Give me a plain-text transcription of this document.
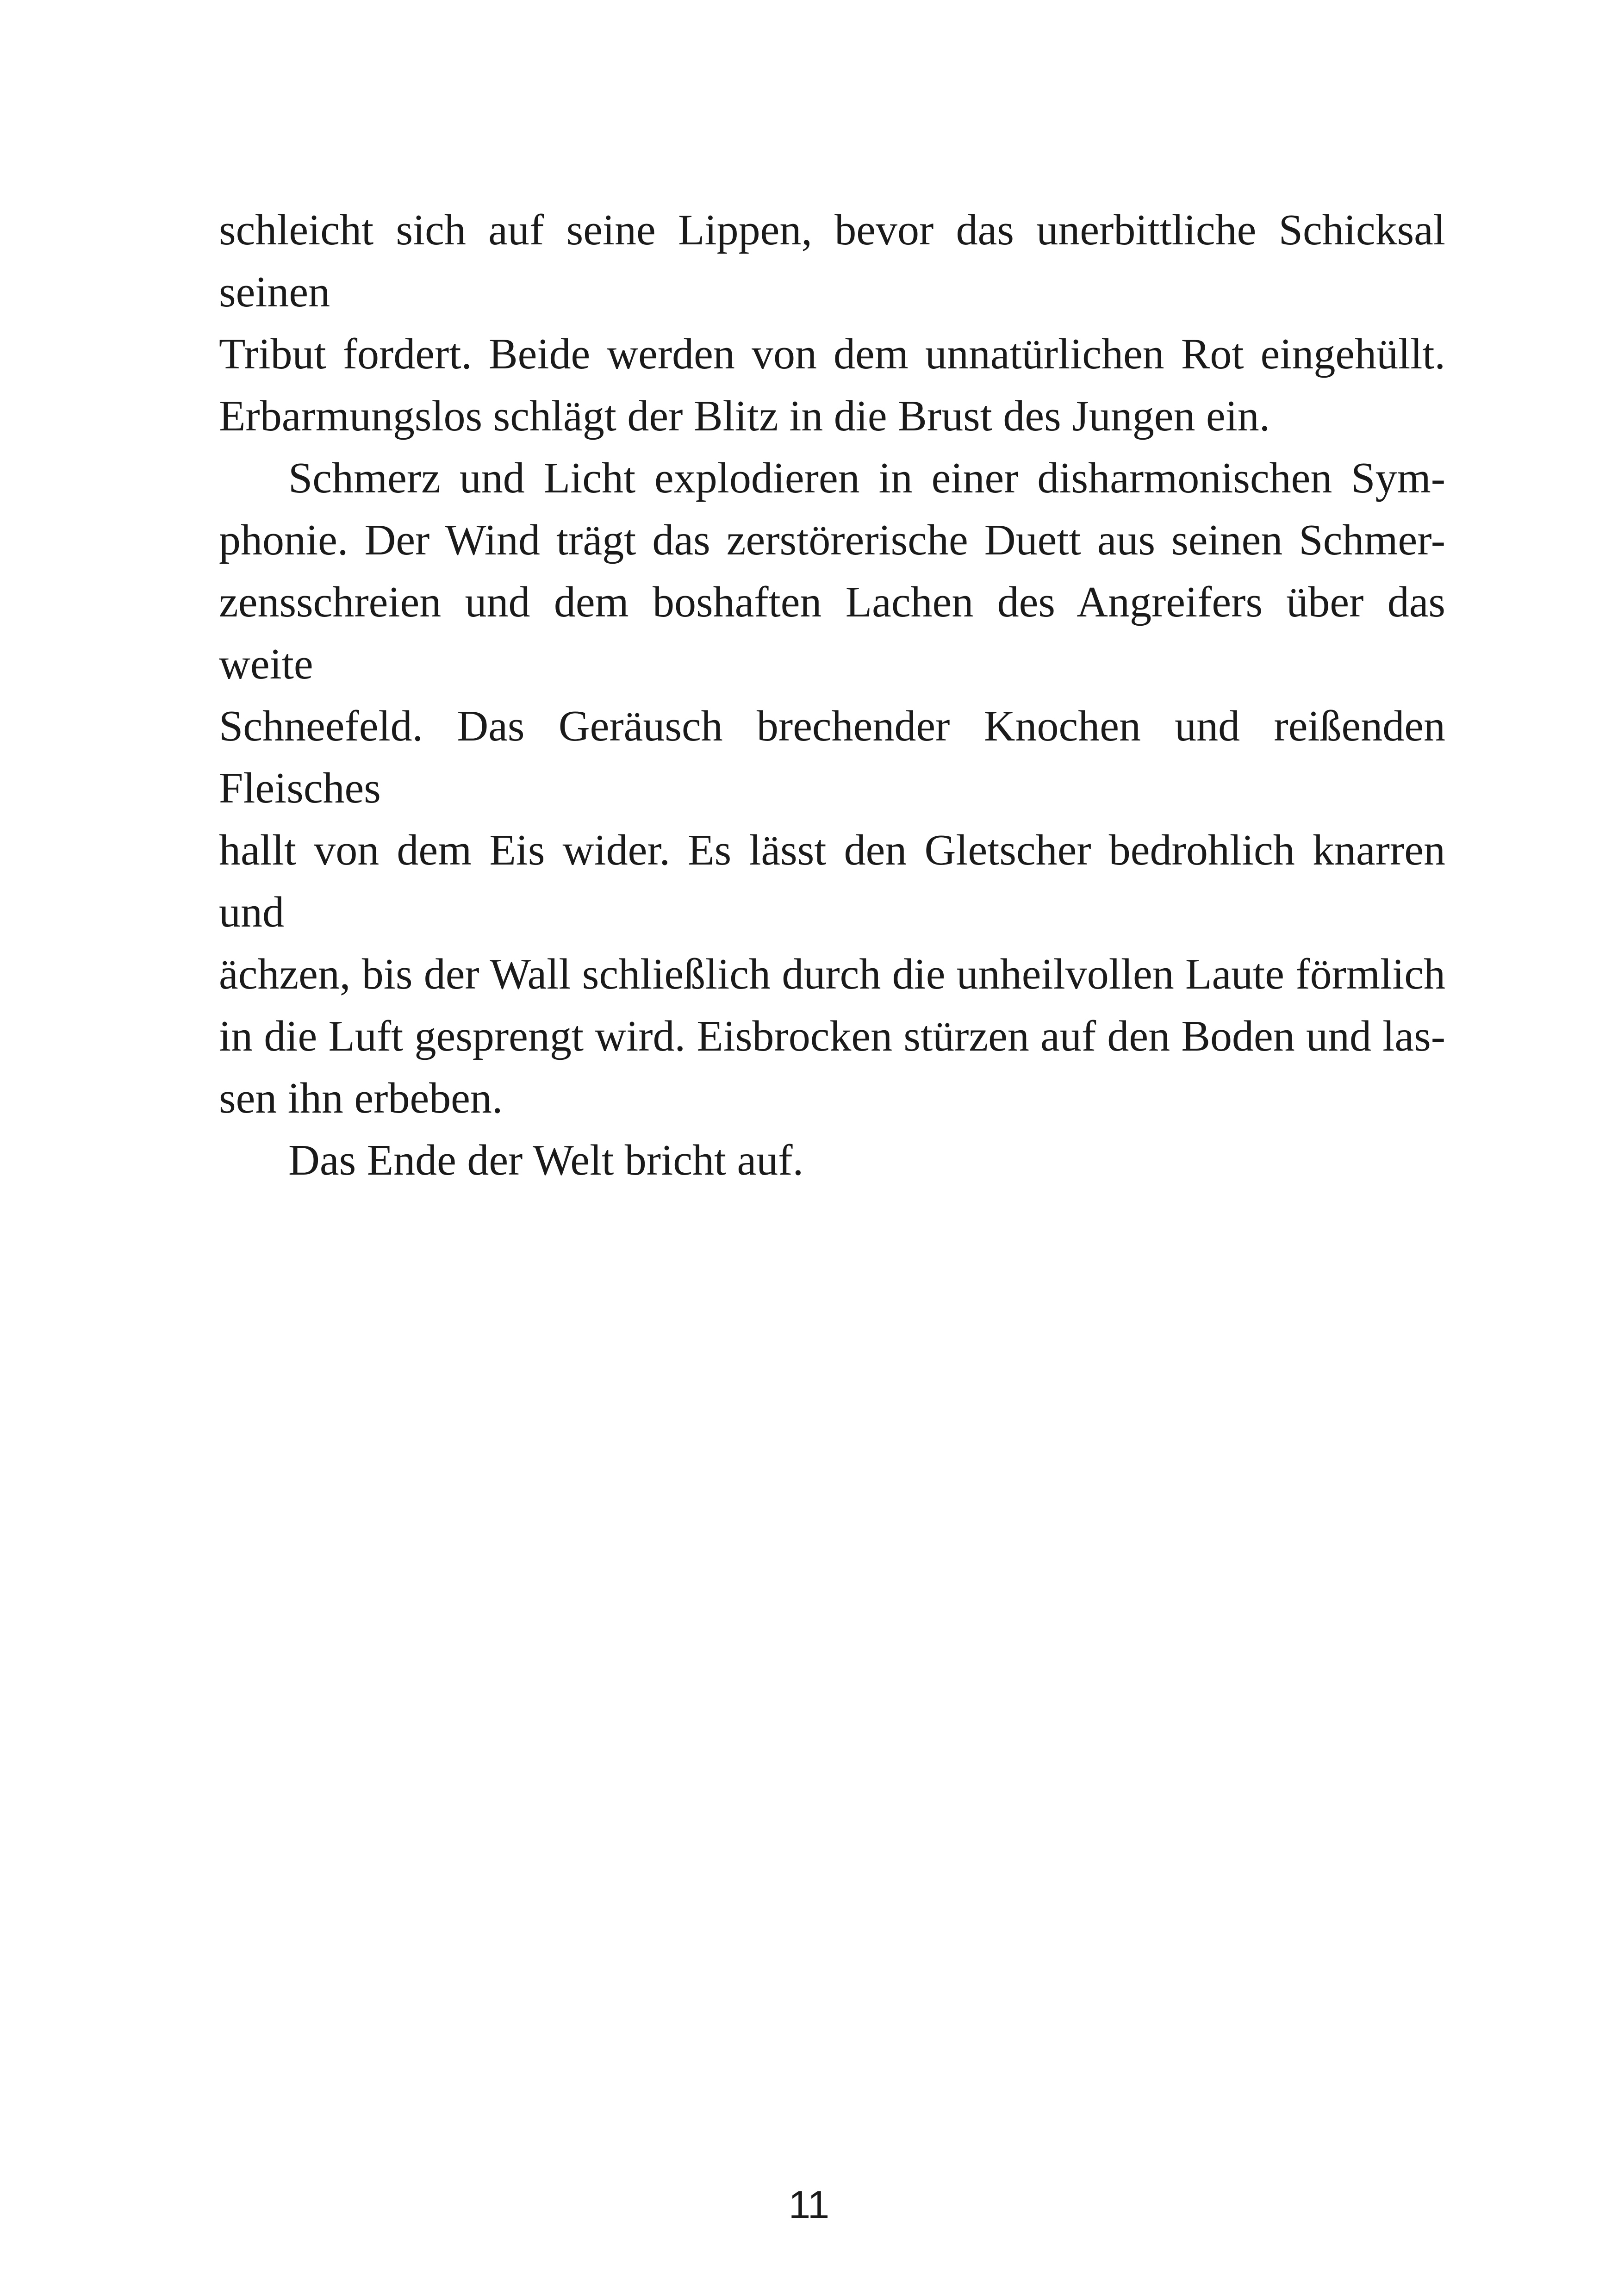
schleicht sich auf seine Lippen, bevor das unerbittliche Schicksal seinen
Tribut fordert. Beide werden von dem unnatürlichen Rot eingehüllt.
Erbarmungslos schlägt der Blitz in die Brust des Jungen ein.
Schmerz und Licht explodieren in einer disharmonischen Sym-
phonie. Der Wind trägt das zerstörerische Duett aus seinen Schmer-
zensschreien und dem boshaften Lachen des Angreifers über das weite
Schneefeld. Das Geräusch brechender Knochen und reißenden Fleisches
hallt von dem Eis wider. Es lässt den Gletscher bedrohlich knarren und
ächzen, bis der Wall schließlich durch die unheilvollen Laute förmlich
in die Luft gesprengt wird. Eisbrocken stürzen auf den Boden und las-
sen ihn erbeben.
Das Ende der Welt bricht auf.
11
